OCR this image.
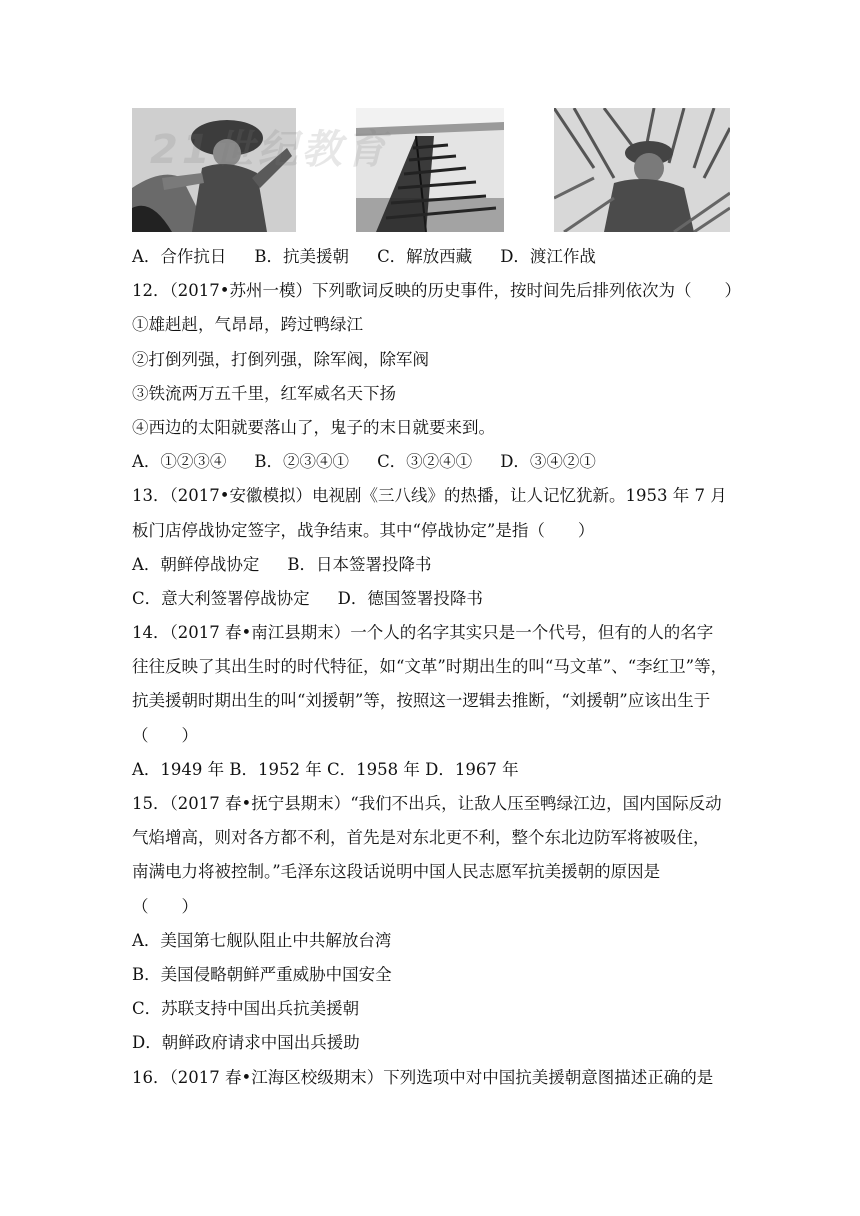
21世纪教育
A．合作抗日 B．抗美援朝 C．解放西藏 D．渡江作战
12．（2017•苏州一模）下列歌词反映的历史事件，按时间先后排列依次为（　　）
①雄赳赳，气昂昂，跨过鸭绿江
②打倒列强，打倒列强，除军阀，除军阀
③铁流两万五千里，红军威名天下扬
④西边的太阳就要落山了，鬼子的末日就要来到。
A．①②③④ B．②③④① C．③②④① D．③④②①
13．（2017•安徽模拟）电视剧《三八线》的热播，让人记忆犹新。1953 年 7 月
板门店停战协定签字，战争结束。其中“停战协定”是指（　　）
A．朝鲜停战协定 B．日本签署投降书
C．意大利签署停战协定 D．德国签署投降书
14．（2017 春•南江县期末）一个人的名字其实只是一个代号，但有的人的名字
往往反映了其出生时的时代特征，如“文革”时期出生的叫“马文革”、“李红卫”等，
抗美援朝时期出生的叫“刘援朝”等，按照这一逻辑去推断，“刘援朝”应该出生于
（　　）
A．1949 年 B．1952 年 C．1958 年 D．1967 年
15．（2017 春•抚宁县期末）“我们不出兵，让敌人压至鸭绿江边，国内国际反动
气焰增高，则对各方都不利，首先是对东北更不利，整个东北边防军将被吸住，
南满电力将被控制。”毛泽东这段话说明中国人民志愿军抗美援朝的原因是
（　　）
A．美国第七舰队阻止中共解放台湾
B．美国侵略朝鲜严重威胁中国安全
C．苏联支持中国出兵抗美援朝
D．朝鲜政府请求中国出兵援助
16．（2017 春•江海区校级期末）下列选项中对中国抗美援朝意图描述正确的是
